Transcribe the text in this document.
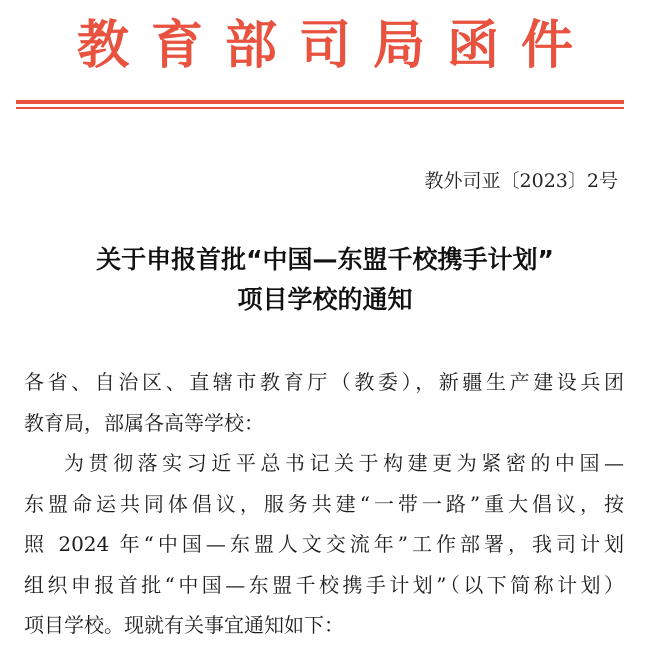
教育部司局函件
教外司亚〔2023〕2号
关于申报首批“中国—东盟千校携手计划”
项目学校的通知

各省、自治区、直辖市教育厅（教委），新疆生产建设兵团
教育局，部属各高等学校：

为贯彻落实习近平总书记关于构建更为紧密的中国—
东盟命运共同体倡议，服务共建“一带一路”重大倡议，按
照 2024 年“中国—东盟人文交流年”工作部署，我司计划
组织申报首批“中国—东盟千校携手计划”（以下简称计划）
项目学校。现就有关事宜通知如下：
